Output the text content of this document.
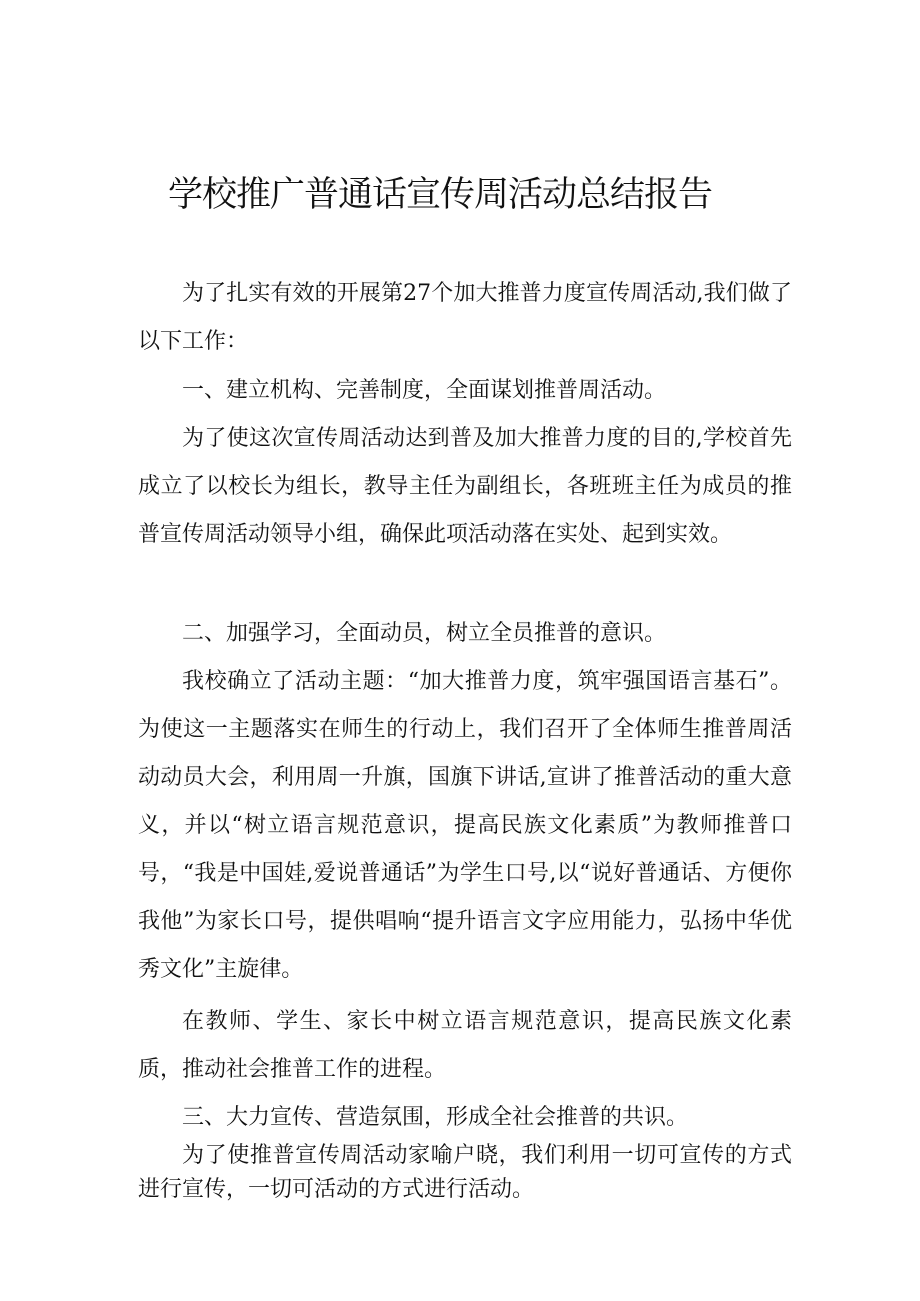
学校推广普通话宣传周活动总结报告

为了扎实有效的开展第27个加大推普力度宣传周活动,我们做了以下工作：

一、建立机构、完善制度，全面谋划推普周活动。

为了使这次宣传周活动达到普及加大推普力度的目的,学校首先成立了以校长为组长，教导主任为副组长，各班班主任为成员的推普宣传周活动领导小组，确保此项活动落在实处、起到实效。

二、加强学习，全面动员，树立全员推普的意识。

我校确立了活动主题：“加大推普力度，筑牢强国语言基石”。为使这一主题落实在师生的行动上，我们召开了全体师生推普周活动动员大会，利用周一升旗，国旗下讲话,宣讲了推普活动的重大意义，并以“树立语言规范意识，提高民族文化素质”为教师推普口号，“我是中国娃,爱说普通话”为学生口号,以“说好普通话、方便你我他”为家长口号，提供唱响“提升语言文字应用能力，弘扬中华优秀文化”主旋律。

在教师、学生、家长中树立语言规范意识，提高民族文化素质，推动社会推普工作的进程。

三、大力宣传、营造氛围，形成全社会推普的共识。

为了使推普宣传周活动家喻户晓，我们利用一切可宣传的方式进行宣传，一切可活动的方式进行活动。
